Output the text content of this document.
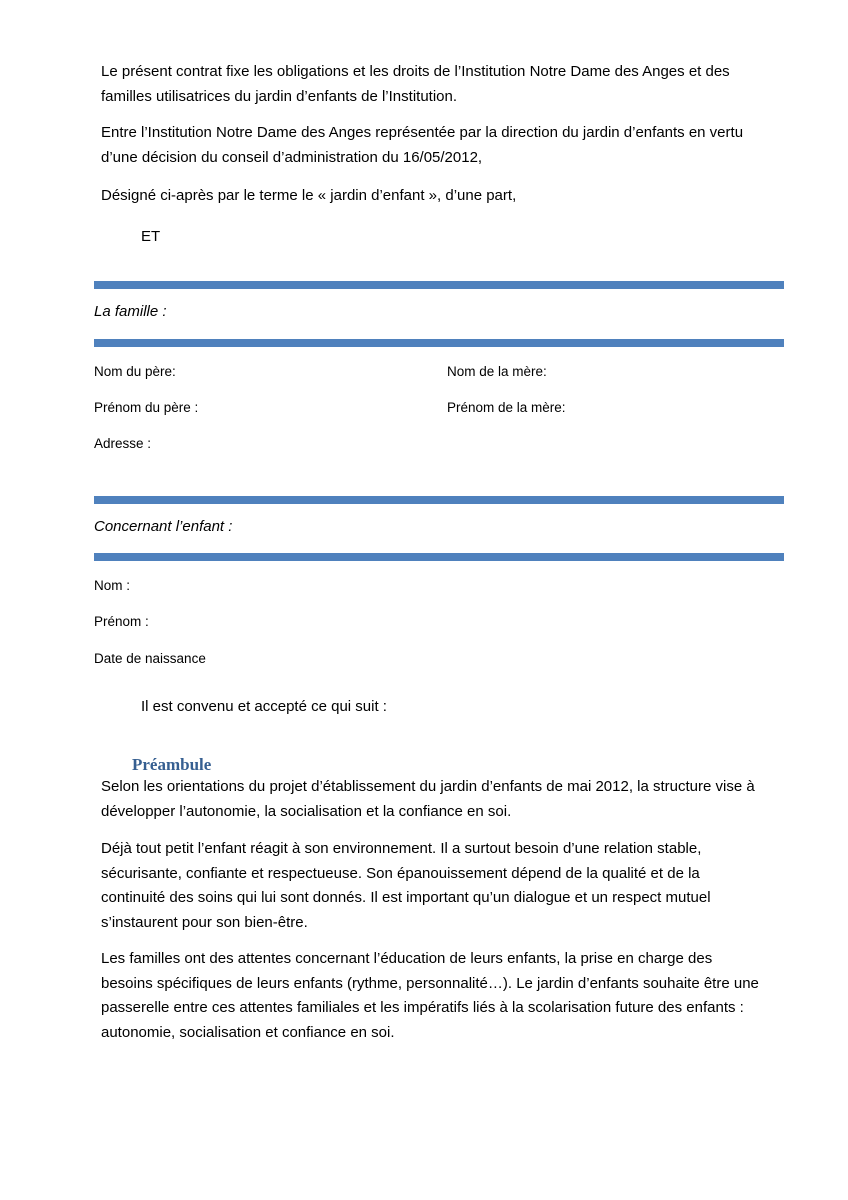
Le présent contrat fixe les obligations et les droits de l’Institution Notre Dame des Anges et des familles utilisatrices du jardin d’enfants de l’Institution.

Entre l’Institution Notre Dame des Anges représentée par la direction du jardin d’enfants en vertu d’une décision du conseil d’administration du 16/05/2012,

Désigné ci-après par le terme le « jardin d’enfant », d’une part,

ET

La famille :

Nom du père:	Nom de la mère:

Prénom du père :	Prénom de la mère:

Adresse :

Concernant l’enfant :

Nom :

Prénom :

Date de naissance

Il est convenu et accepté ce qui suit :

Préambule

Selon les orientations du projet d’établissement du jardin d’enfants de mai 2012, la structure vise à développer l’autonomie, la socialisation et la confiance en soi.

Déjà tout petit l’enfant réagit à son environnement. Il a surtout besoin d’une relation stable, sécurisante, confiante et respectueuse. Son épanouissement dépend de la qualité et de la continuité des soins qui lui sont donnés. Il est important qu’un dialogue et un respect mutuel s’instaurent pour son bien-être.

Les familles ont des attentes concernant l’éducation de leurs enfants, la prise en charge des besoins spécifiques de leurs enfants (rythme, personnalité…). Le jardin d’enfants souhaite être une passerelle entre ces attentes familiales et les impératifs liés à la scolarisation future des enfants : autonomie, socialisation et confiance en soi.
